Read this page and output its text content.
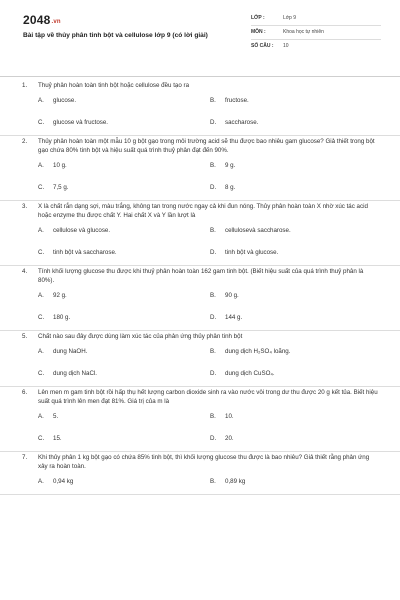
2048.vn
Bài tập về thủy phân tinh bột và cellulose lớp 9 (có lời giải)
LỚP :	Lớp 9
MÔN :	Khoa học tự nhiên
SỐ CÂU :	10
1.	Thuỷ phân hoàn toàn tinh bột hoặc cellulose đều tạo ra
A.	glucose.	B.	fructose.
C.	glucose và fructose.	D.	saccharose.
2.	Thủy phân hoàn toàn một mẫu 10 g bột gạo trong môi trường acid sẽ thu được bao nhiêu gam glucose? Giả thiết trong bột gạo chứa 80% tinh bột và hiệu suất quá trình thuỷ phân đạt đến 90%.
A.	10 g.	B.	9 g.
C.	7,5 g.	D.	8 g.
3.	X là chất rắn dạng sợi, màu trắng, không tan trong nước ngay cả khi đun nóng. Thủy phân hoàn toàn X nhờ xúc tác acid hoặc enzyme thu được chất Y. Hai chất X và Y lần lượt là
A.	cellulose và glucose.	B.	cellulosevà saccharose.
C.	tinh bột và saccharose.	D.	tinh bột và glucose.
4.	Tính khối lượng glucose thu được khi thuỷ phân hoàn toàn 162 gam tinh bột. (Biết hiệu suất của quá trình thuỷ phân là 80%).
A.	92 g.	B.	90 g.
C.	180 g.	D.	144 g.
5.	Chất nào sau đây được dùng làm xúc tác của phản ứng thủy phân tinh bột
A.	dung NaOH.	B.	dung dịch H₂SO₄ loãng.
C.	dung dịch NaCl.	D.	dung dịch CuSO₄.
6.	Lên men m gam tinh bột rồi hấp thụ hết lượng carbon dioxide sinh ra vào nước vôi trong dư thu được 20 g kết tủa. Biết hiệu suất quá trình lên men đạt 81%. Giá trị của m là
A.	5.	B.	10.
C.	15.	D.	20.
7.	Khi thủy phân 1 kg bột gạo có chứa 85% tinh bột, thì khối lượng glucose thu được là bao nhiêu? Giả thiết rằng phản ứng xảy ra hoàn toàn.
A.	0,94 kg	B.	0,89 kg
